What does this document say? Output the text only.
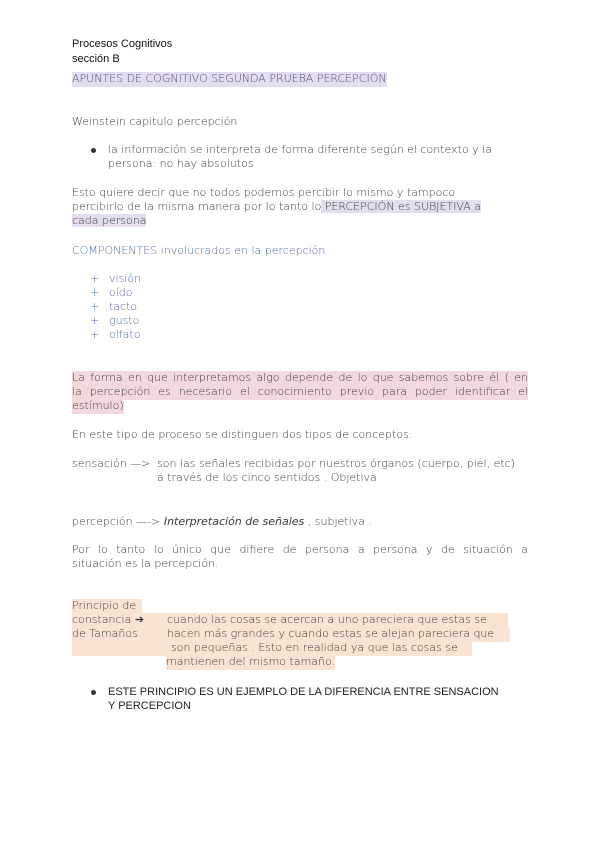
Procesos Cognitivos
sección B
APUNTES DE COGNITIVO SEGUNDA PRUEBA PERCEPCIÓN
Weinstein capitulo percepción
la información se interpreta de forma diferente según el contexto y la
persona: no hay absolutos
Esto quiere decir que no todos podemos percibir lo mismo y tampoco
percibirlo de la misma manera por lo tanto lo PERCEPCIÓN es SUBJETIVA a
cada persona
COMPONENTES involucrados en la percepción
+ visión
+ oído
+ tacto
+ gusto
+ olfato
La forma en que interpretamos algo depende de lo que sabemos sobre él ( en
la percepción es necesario el conocimiento previo para poder identificar el
estímulo)
En este tipo de proceso se distinguen dos tipos de conceptos:
sensación —> son las señales recibidas por nuestros órganos (cuerpo, piel, etc)
a través de los cinco sentidos . Objetiva
percepción —-> Interpretación de señales , subjetiva .
Por lo tanto lo único que difiere de persona a persona y de situación a
situación es la percepción.
Principio de
constancia ➔	cuando las cosas se acercan a uno pareciera que estas se
de Tamaños	hacen más grandes y cuando estas se alejan pareciera que
son pequeñas . Esto en realidad ya que las cosas se
mantienen del mismo tamaño.
ESTE PRINCIPIO ES UN EJEMPLO DE LA DIFERENCIA ENTRE SENSACION
Y PERCEPCION
